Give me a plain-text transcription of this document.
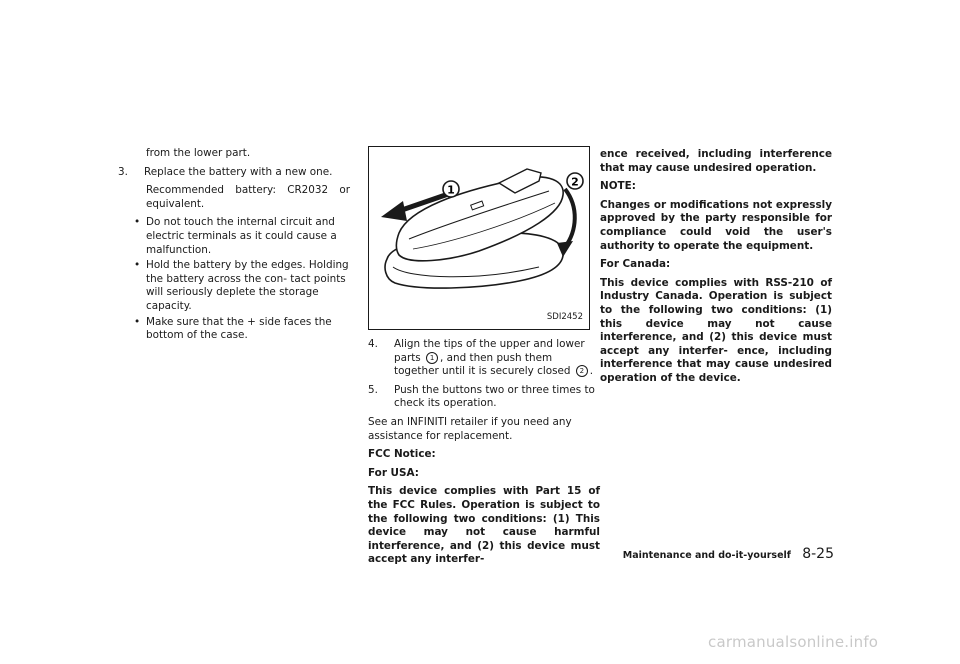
from the lower part.

3. Replace the battery with a new one.

Recommended battery: CR2032 or equivalent.

• Do not touch the internal circuit and electric terminals as it could cause a malfunction.
• Hold the battery by the edges. Holding the battery across the con- tact points will seriously deplete the storage capacity.
• Make sure that the + side faces the bottom of the case.
1
2
SDI2452

4. Align the tips of the upper and lower parts 1 , and then push them together until it is securely closed 2 .

5. Push the buttons two or three times to check its operation.

See an INFINITI retailer if you need any assistance for replacement.

FCC Notice:

For USA:

This device complies with Part 15 of the FCC Rules. Operation is subject to the following two conditions: (1) This device may not cause harmful interference, and (2) this device must accept any interfer-

ence received, including interference that may cause undesired operation.

NOTE:

Changes or modifications not expressly approved by the party responsible for compliance could void the user's authority to operate the equipment.

For Canada:

This device complies with RSS-210 of Industry Canada. Operation is subject to the following two conditions: (1) this device may not cause interference, and (2) this device must accept any interfer- ence, including interference that may cause undesired operation of the device.

Maintenance and do-it-yourself 8-25
carmanualsonline.info
